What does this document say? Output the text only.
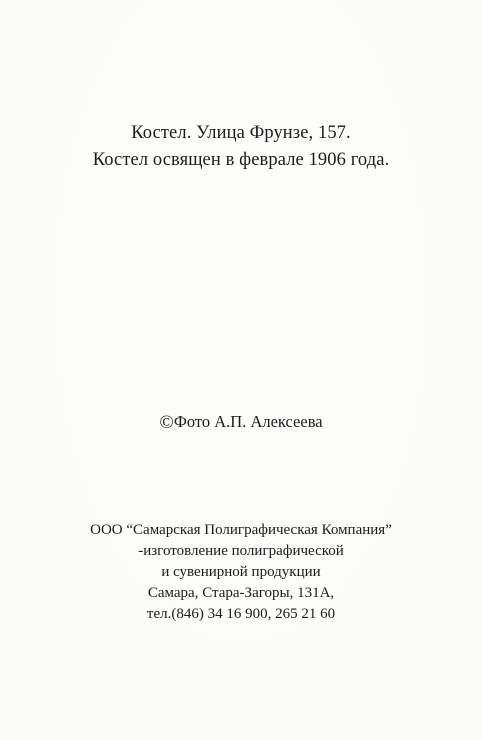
Костел. Улица Фрунзе, 157.
Костел освящен в феврале 1906 года.
©Фото А.П. Алексеева
ООО “Самарская Полиграфическая Компания”
-изготовление полиграфической
и сувенирной продукции
Самара, Стара-Загоры, 131А,
тел.(846) 34 16 900, 265 21 60
